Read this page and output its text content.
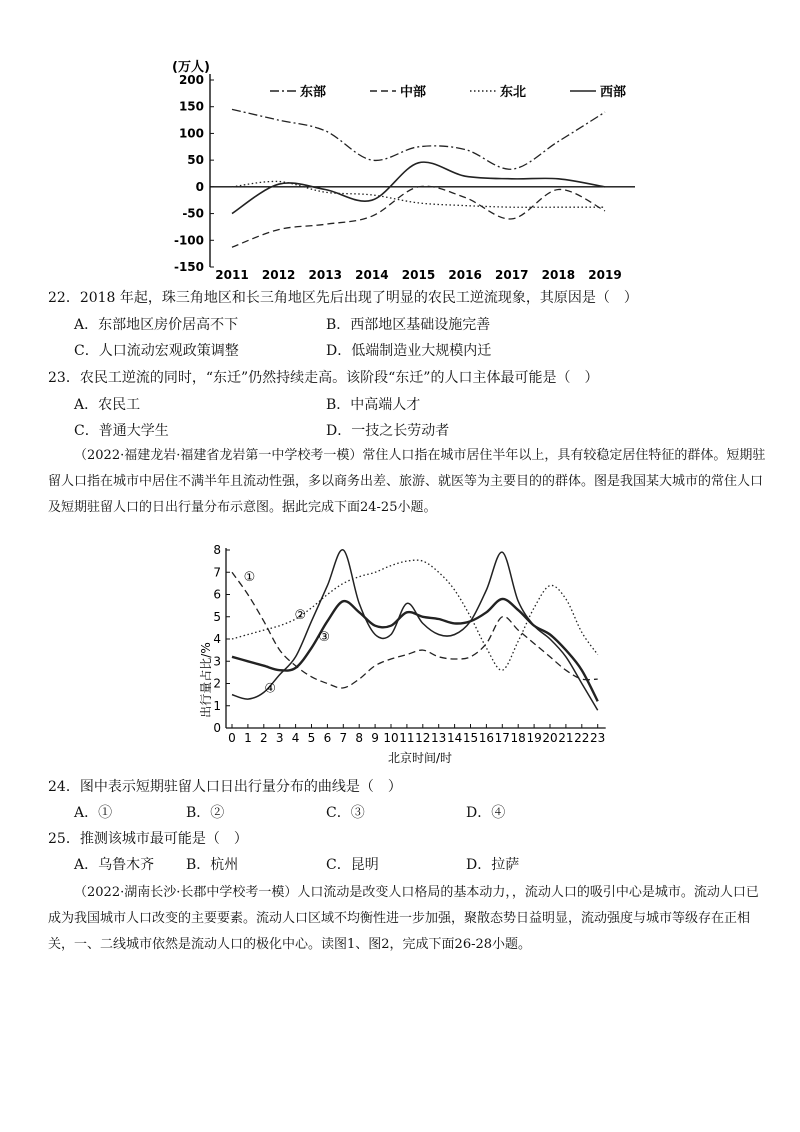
(万人)
东部	中部	东北	西部
200
150
100
50
0
-50
-100
-150
2011 2012 2013 2014 2015 2016 2017 2018 2019
22．2018 年起，珠三角地区和长三角地区先后出现了明显的农民工逆流现象，其原因是（　）
A．东部地区房价居高不下	B．西部地区基础设施完善
C．人口流动宏观政策调整	D．低端制造业大规模内迁
23．农民工逆流的同时，“东迁”仍然持续走高。该阶段“东迁”的人口主体最可能是（　）
A．农民工	B．中高端人才
C．普通大学生	D．一技之长劳动者
（2022·福建龙岩·福建省龙岩第一中学校考一模）常住人口指在城市居住半年以上，具有较稳定居住特征的群体。短期驻留人口指在城市中居住不满半年且流动性强，多以商务出差、旅游、就医等为主要目的的群体。图是我国某大城市的常住人口及短期驻留人口的日出行量分布示意图。据此完成下面24-25小题。
出行量占比/%
北京时间/时
0
1
2
3
4
5
6
7
8
0 1 2 3 4 5 6 7 8 9 10 11 12 13 14 15 16 17 18 19 20 21 22 23
①
②
③
④
24．图中表示短期驻留人口日出行量分布的曲线是（　）
A．①	B．②	C．③	D．④
25．推测该城市最可能是（　）
A．乌鲁木齐 B．杭州	C．昆明	D．拉萨
（2022·湖南长沙·长郡中学校考一模）人口流动是改变人口格局的基本动力，，流动人口的吸引中心是城市。流动人口已成为我国城市人口改变的主要要素。流动人口区域不均衡性进一步加强，聚散态势日益明显，流动强度与城市等级存在正相关，一、二线城市依然是流动人口的极化中心。读图1、图2，完成下面26-28小题。
